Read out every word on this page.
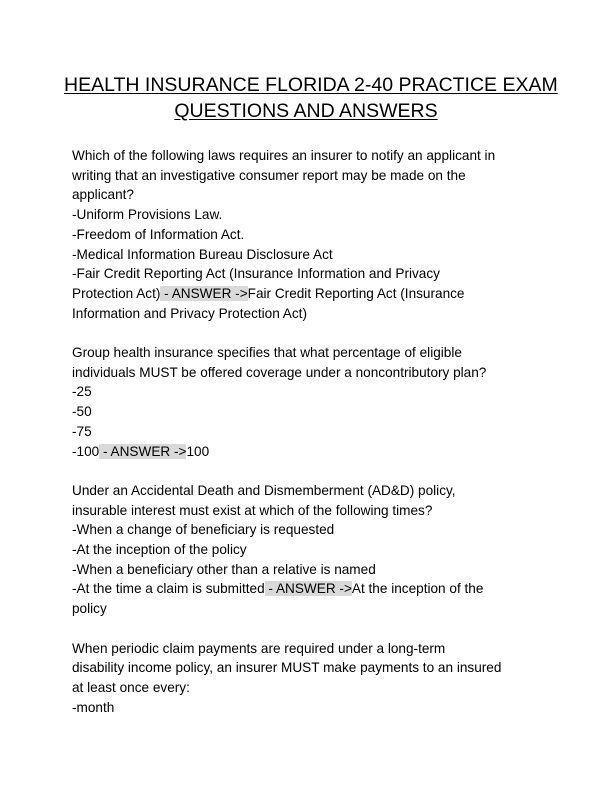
HEALTH INSURANCE FLORIDA 2-40 PRACTICE EXAM
QUESTIONS AND ANSWERS
Which of the following laws requires an insurer to notify an applicant in
writing that an investigative consumer report may be made on the
applicant?
-Uniform Provisions Law.
-Freedom of Information Act.
-Medical Information Bureau Disclosure Act
-Fair Credit Reporting Act (Insurance Information and Privacy
Protection Act) - ANSWER ->Fair Credit Reporting Act (Insurance
Information and Privacy Protection Act)
Group health insurance specifies that what percentage of eligible
individuals MUST be offered coverage under a noncontributory plan?
-25
-50
-75
-100 - ANSWER ->100
Under an Accidental Death and Dismemberment (AD&D) policy,
insurable interest must exist at which of the following times?
-When a change of beneficiary is requested
-At the inception of the policy
-When a beneficiary other than a relative is named
-At the time a claim is submitted - ANSWER ->At the inception of the
policy
When periodic claim payments are required under a long-term
disability income policy, an insurer MUST make payments to an insured
at least once every:
-month
